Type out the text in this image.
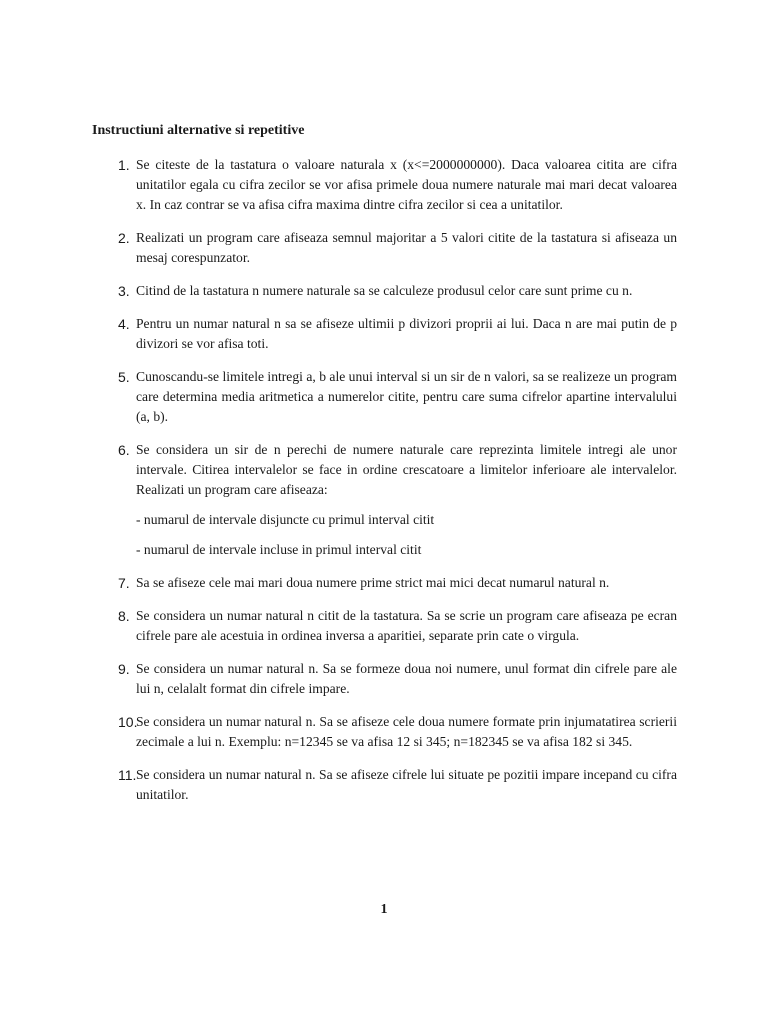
Instructiuni alternative si repetitive
1. Se citeste de la tastatura o valoare naturala x (x<=2000000000). Daca valoarea citita are cifra unitatilor egala cu cifra zecilor se vor afisa primele doua numere naturale mai mari decat valoarea x. In caz contrar se va afisa cifra maxima dintre cifra zecilor si cea a unitatilor.
2. Realizati un program care afiseaza semnul majoritar a 5 valori citite de la tastatura si afiseaza un mesaj corespunzator.
3. Citind de la tastatura n numere naturale sa se calculeze produsul celor care sunt prime cu n.
4. Pentru un numar natural n sa se afiseze ultimii p divizori proprii ai lui. Daca n are mai putin de p divizori se vor afisa toti.
5. Cunoscandu-se limitele intregi a, b ale unui interval si un sir de n valori, sa se realizeze un program care determina media aritmetica a numerelor citite, pentru care suma cifrelor apartine intervalului (a, b).
6. Se considera un sir de n perechi de numere naturale care reprezinta limitele intregi ale unor intervale. Citirea intervalelor se face in ordine crescatoare a limitelor inferioare ale intervalelor. Realizati un program care afiseaza:
- numarul de intervale disjuncte cu primul interval citit
- numarul de intervale incluse in primul interval citit
7. Sa se afiseze cele mai mari doua numere prime strict mai mici decat numarul natural n.
8. Se considera un numar natural n citit de la tastatura. Sa se scrie un program care afiseaza pe ecran cifrele pare ale acestuia in ordinea inversa a aparitiei, separate prin cate o virgula.
9. Se considera un numar natural n. Sa se formeze doua noi numere, unul format din cifrele pare ale lui n, celalalt format din cifrele impare.
10.
Se considera un numar natural n. Sa se afiseze cele doua numere formate prin injumatatirea scrierii zecimale a lui n. Exemplu: n=12345 se va afisa 12 si 345; n=182345 se va afisa 182 si 345.
11. Se considera un numar natural n. Sa se afiseze cifrele lui situate pe pozitii impare incepand cu cifra unitatilor.
1
